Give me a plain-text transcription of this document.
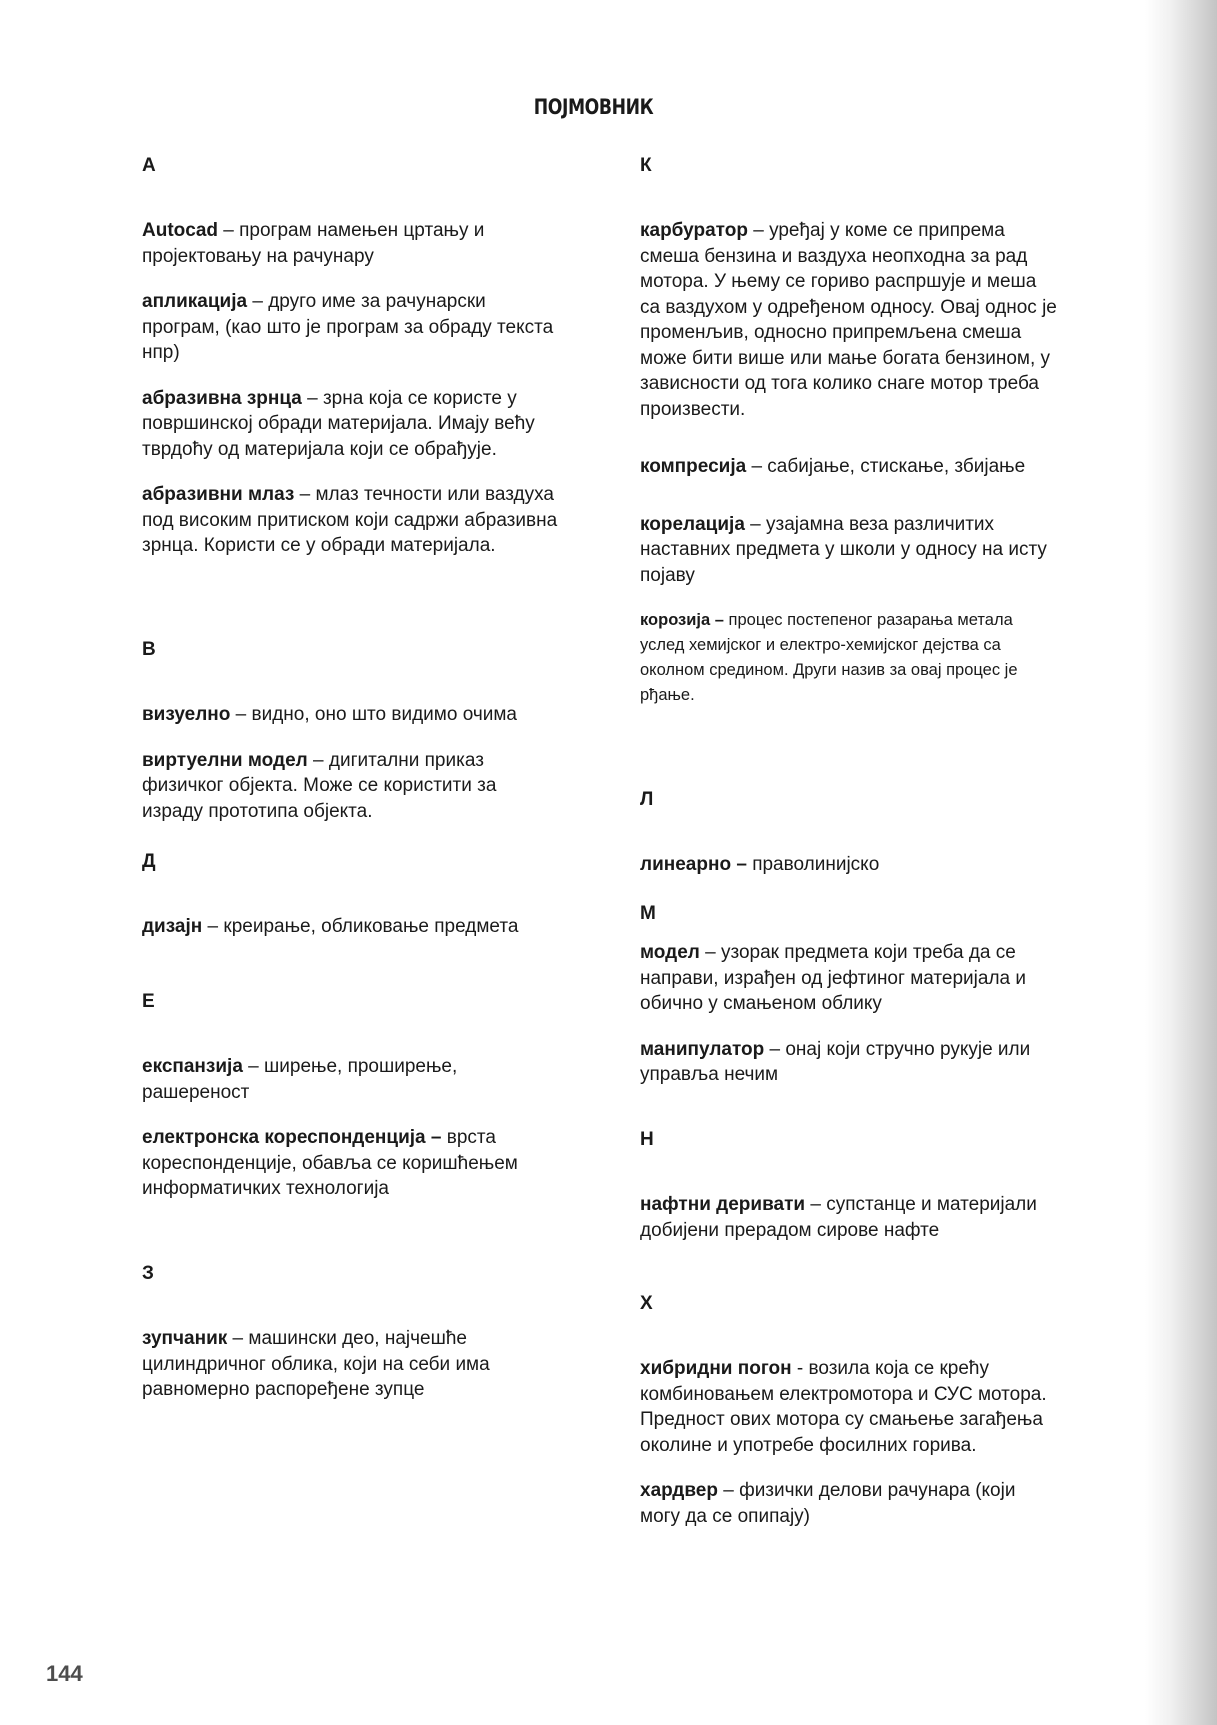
ПОЈМОВНИК

А

Autocad – програм намењен цртању и пројектовању на рачунару

апликација – друго име за рачунарски програм, (као што је програм за обраду текста нпр)

абразивна зрнца – зрна која се користе у површинској обради материјала. Имају већу тврдоћу од материјала који се обрађује.

абразивни млаз – млаз течности или ваздуха под високим притиском који садржи абразивна зрнца. Користи се у обради материјала.

В

визуелно – видно, оно што видимо очима

виртуелни модел – дигитални приказ физичког објекта. Може се користити за израду прототипа објекта.

Д

дизајн – креирање, обликовање предмета

Е

експанзија – ширење, проширење, рашереност

електронска кореспонденција – врста кореспонденције, обавља се коришћењем информатичких технологија

З

зупчаник – машински део, најчешће цилиндричног облика, који на себи има равномерно распоређене зупце

К

карбуратор – уређај у коме се припрема смеша бензина и ваздуха неопходна за рад мотора. У њему се гориво распршује и меша са ваздухом у одређеном односу. Овај однос је променљив, односно припремљена смеша може бити више или мање богата бензином, у зависности од тога колико снаге мотор треба произвести.

компресија – сабијање, стискање, збијање

корелација – узајамна веза различитих наставних предмета у школи у односу на исту појаву

корозија – процес постепеног разарања метала услед хемијског и електро-хемијског дејства са околном средином. Други назив за овај процес је рђање.

Л

линеарно – праволинијско

М

модел – узорак предмета који треба да се направи, израђен од јефтиног материјала и обично у смањеном облику

манипулатор – онај који стручно рукује или управља нечим

Н

нафтни деривати – супстанце и материјали добијени прерадом сирове нафте

Х

хибридни погон - возила која се крећу комбиновањем електромотора и СУС мотора. Предност ових мотора су смањење загађења околине и употребе фосилних горива.

хардвер – физички делови рачунара (који могу да се опипају)

144
